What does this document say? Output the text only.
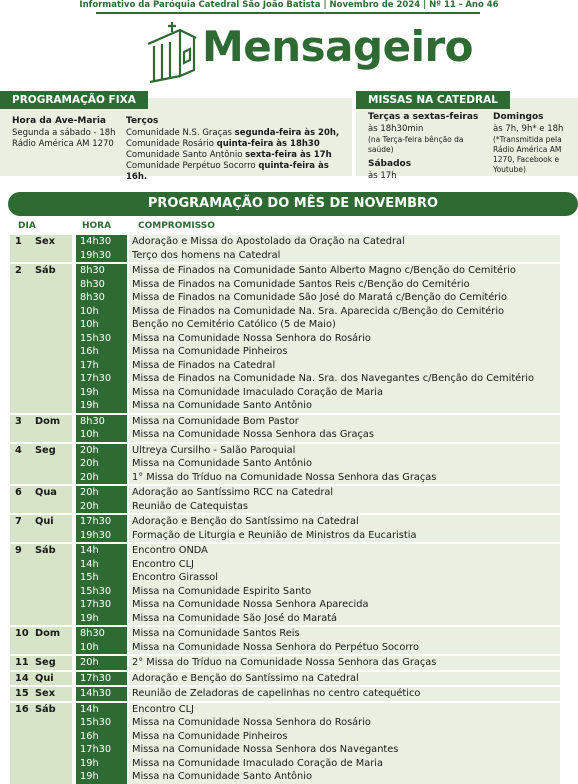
Informativo da Paróquia Catedral São João Batista | Novembro de 2024 | Nº 11 - Ano 46
Mensageiro
PROGRAMAÇÃO FIXA
Hora da Ave-Maria
Segunda a sábado - 18h
Rádio América AM 1270
Terços
Comunidade N.S. Graças segunda-feira às 20h,
Comunidade Rosário quinta-feira às 18h30
Comunidade Santo Antônio sexta-feira às 17h
Comunidade Perpétuo Socorro quinta-feira às 16h.
MISSAS NA CATEDRAL
Terças a sextas-feiras
às 18h30min
(na Terça-feira bênção da saúde)
Sábados
às 17h
Domingos
às 7h, 9h* e 18h
(*Transmitida pela Rádio América AM 1270, Facebook e Youtube)
PROGRAMAÇÃO DO MÊS DE NOVEMBRO
DIA	HORA	COMPROMISSO
1 Sex	14h30	Adoração e Missa do Apostolado da Oração na Catedral
19h30	Terço dos homens na Catedral
2 Sáb	8h30	Missa de Finados na Comunidade Santo Alberto Magno c/Benção do Cemitério
8h30	Missa de Finados na Comunidade Santos Reis c/Benção do Cemitério
8h30	Missa de Finados na Comunidade São José do Maratá c/Benção do Cemitério
10h	Missa de Finados na Comunidade Na. Sra. Aparecida c/Benção do Cemitério
10h	Benção no Cemitério Católico (5 de Maio)
15h30	Missa na Comunidade Nossa Senhora do Rosário
16h	Missa na Comunidade Pinheiros
17h	Missa de Finados na Catedral
17h30	Missa de Finados na Comunidade Na. Sra. dos Navegantes c/Benção do Cemitério
19h	Missa na Comunidade Imaculado Coração de Maria
19h	Missa na Comunidade Santo Antônio
3 Dom	8h30	Missa na Comunidade Bom Pastor
10h	Missa na Comunidade Nossa Senhora das Graças
4 Seg	20h	Ultreya Cursilho - Salão Paroquial
20h	Missa na Comunidade Santo Antônio
20h	1° Missa do Tríduo na Comunidade Nossa Senhora das Graças
6 Qua	20h	Adoração ao Santíssimo RCC na Catedral
20h	Reunião de Catequistas
7 Qui	17h30	Adoração e Benção do Santíssimo na Catedral
19h30	Formação de Liturgia e Reunião de Ministros da Eucaristia
9 Sáb	14h	Encontro ONDA
14h	Encontro CLJ
15h	Encontro Girassol
15h30	Missa na Comunidade Espirito Santo
17h30	Missa na Comunidade Nossa Senhora Aparecida
19h	Missa na Comunidade São José do Maratá
10 Dom	8h30	Missa na Comunidade Santos Reis
10h	Missa na Comunidade Nossa Senhora do Perpétuo Socorro
11 Seg	20h	2° Missa do Tríduo na Comunidade Nossa Senhora das Graças
14 Qui	17h30	Adoração e Benção do Santíssimo na Catedral
15 Sex	14h30	Reunião de Zeladoras de capelinhas no centro catequético
16 Sáb	14h	Encontro CLJ
15h30	Missa na Comunidade Nossa Senhora do Rosário
16h	Missa na Comunidade Pinheiros
17h30	Missa na Comunidade Nossa Senhora dos Navegantes
19h	Missa na Comunidade Imaculado Coração de Maria
19h	Missa na Comunidade Santo Antônio
